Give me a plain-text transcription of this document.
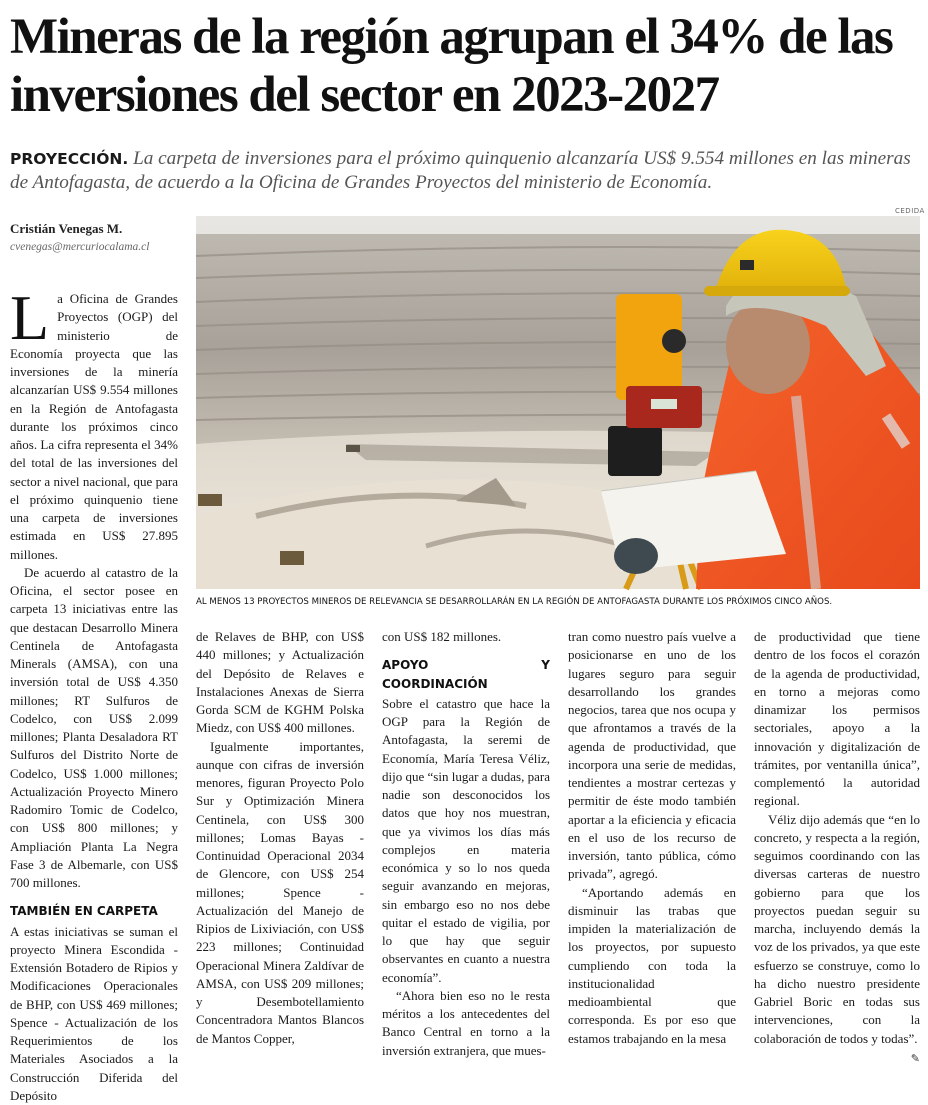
Mineras de la región agrupan el 34% de las inversiones del sector en 2023-2027
PROYECCIÓN. La carpeta de inversiones para el próximo quinquenio alcanzaría US$ 9.554 millones en las mineras de Antofagasta, de acuerdo a la Oficina de Grandes Proyectos del ministerio de Economía.
Cristián Venegas M.
cvenegas@mercuriocalama.cl
CEDIDA
AL MENOS 13 PROYECTOS MINEROS DE RELEVANCIA SE DESARROLLARÁN EN LA REGIÓN DE ANTOFAGASTA DURANTE LOS PRÓXIMOS CINCO AÑOS.

La Oficina de Grandes Proyectos (OGP) del ministerio de Economía proyecta que las inversiones de la minería alcanzarían US$ 9.554 millones en la Región de Antofagasta durante los próximos cinco años. La cifra representa el 34% del total de las inversiones del sector a nivel nacional, que para el próximo quinquenio tiene una carpeta de inversiones estimada en US$ 27.895 millones.

De acuerdo al catastro de la Oficina, el sector posee en carpeta 13 iniciativas entre las que destacan Desarrollo Minera Centinela de Antofagasta Minerals (AMSA), con una inversión total de US$ 4.350 millones; RT Sulfuros de Codelco, con US$ 2.099 millones; Planta Desaladora RT Sulfuros del Distrito Norte de Codelco, US$ 1.000 millones; Actualización Proyecto Minero Radomiro Tomic de Codelco, con US$ 800 millones; y Ampliación Planta La Negra Fase 3 de Albemarle, con US$ 700 millones.

TAMBIÉN EN CARPETA

A estas iniciativas se suman el proyecto Minera Escondida - Extensión Botadero de Ripios y Modificaciones Operacionales de BHP, con US$ 469 millones; Spence - Actualización de los Requerimientos de los Materiales Asociados a la Construcción Diferida del Depósito

de Relaves de BHP, con US$ 440 millones; y Actualización del Depósito de Relaves e Instalaciones Anexas de Sierra Gorda SCM de KGHM Polska Miedz, con US$ 400 millones.

Igualmente importantes, aunque con cifras de inversión menores, figuran Proyecto Polo Sur y Optimización Minera Centinela, con US$ 300 millones; Lomas Bayas - Continuidad Operacional 2034 de Glencore, con US$ 254 millones; Spence - Actualización del Manejo de Ripios de Lixiviación, con US$ 223 millones; Continuidad Operacional Minera Zaldívar de AMSA, con US$ 209 millones; y Desembotellamiento Concentradora Mantos Blancos de Mantos Copper,

con US$ 182 millones.

APOYO Y COORDINACIÓN

Sobre el catastro que hace la OGP para la Región de Antofagasta, la seremi de Economía, María Teresa Véliz, dijo que “sin lugar a dudas, para nadie son desconocidos los datos que hoy nos muestran, que ya vivimos los días más complejos en materia económica y so lo nos queda seguir avanzando en mejoras, sin embargo eso no nos debe quitar el estado de vigilia, por lo que hay que seguir observantes en cuanto a nuestra economía”.

“Ahora bien eso no le resta méritos a los antecedentes del Banco Central en torno a la inversión extranjera, que mues-

tran como nuestro país vuelve a posicionarse en uno de los lugares seguro para seguir desarrollando los grandes negocios, tarea que nos ocupa y que afrontamos a través de la agenda de productividad, que incorpora una serie de medidas, tendientes a mostrar certezas y permitir de éste modo también aportar a la eficiencia y eficacia en el uso de los recurso de inversión, tanto pública, cómo privada”, agregó.

“Aportando además en disminuir las trabas que impiden la materialización de los proyectos, por supuesto cumpliendo con toda la institucionalidad medioambiental que corresponda. Es por eso que estamos trabajando en la mesa

de productividad que tiene dentro de los focos el corazón de la agenda de productividad, en torno a mejoras como dinamizar los permisos sectoriales, apoyo a la innovación y digitalización de trámites, por ventanilla única”, complementó la autoridad regional.

Véliz dijo además que “en lo concreto, y respecta a la región, seguimos coordinando con las diversas carteras de nuestro gobierno para que los proyectos puedan seguir su marcha, incluyendo demás la voz de los privados, ya que este esfuerzo se construye, como lo ha dicho nuestro presidente Gabriel Boric en todas sus intervenciones, con la colaboración de todos y todas”.

✎
